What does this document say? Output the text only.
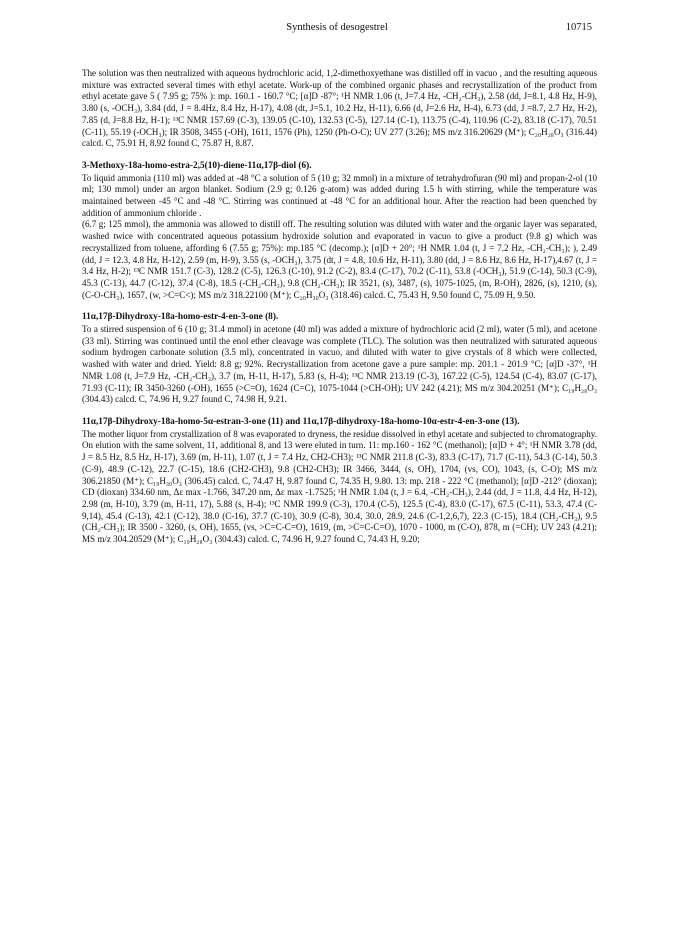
Synthesis of desogestrel	10715

The solution was then neutralized with aqueous hydrochloric acid, 1,2-dimethoxyethane was distilled off in vacuo , and the resulting aqueous mixture was extracted several times with ethyl acetate. Work-up of the combined organic phases and recrystallization of the product from ethyl acetate gave 5 ( 7.95 g; 75% ): mp. 160.1 - 160.7 °C; [α]D -87°; ¹H NMR 1.06 (t, J=7.4 Hz, -CH₂-CH₃), 2.58 (dd, J=8.1, 4.8 Hz, H-9), 3.80 (s, -OCH₃), 3.84 (dd, J = 8.4Hz, 8.4 Hz, H-17), 4.08 (dt, J=5.1, 10.2 Hz, H-11), 6.66 (d, J=2.6 Hz, H-4), 6.73 (dd, J =8.7, 2.7 Hz, H-2), 7.85 (d, J=8.8 Hz, H-1); ¹³C NMR 157.69 (C-3), 139.05 (C-10), 132.53 (C-5), 127.14 (C-1), 113.75 (C-4), 110.96 (C-2), 83.18 (C-17), 70.51 (C-11), 55.19 (-OCH₃); IR 3508, 3455 (-OH), 1611, 1576 (Ph), 1250 (Ph-O-C); UV 277 (3.26); MS m/z 316.20629 (M⁺); C₂₀H₂₈O₃ (316.44) calcd. C, 75.91 H, 8.92 found C, 75.87 H, 8.87.

3-Methoxy-18a-homo-estra-2,5(10)-diene-11α,17β-diol (6).

To liquid ammonia (110 ml) was added at -48 °C a solution of 5 (10 g; 32 mmol) in a mixture of tetrahydrofuran (90 ml) and propan-2-ol (10 ml; 130 mmol) under an argon blanket. Sodium (2.9 g; 0.126 g-atom) was added during 1.5 h with stirring, while the temperature was maintained between -45 °C and -48 °C. Stirring was continued at -48 °C for an additional hour. After the reaction had been quenched by addition of ammonium chloride .

(6.7 g; 125 mmol), the ammonia was allowed to distill off. The resulting solution was diluted with water and the organic layer was separated, washed twice with concentrated aqueous potassium hydroxide solution and evaporated in vacuo to give a product (9.8 g) which was recrystallized from toluene, affording 6 (7.55 g; 75%): mp.185 °C (decomp.); [α]D + 20°; ¹H NMR 1.04 (t, J = 7.2 Hz, -CH₂-CH₃); ), 2.49 (dd, J = 12.3, 4.8 Hz, H-12), 2.59 (m, H-9), 3.55 (s, -OCH₃), 3.75 (dt, J = 4.8, 10.6 Hz, H-11), 3.80 (dd, J = 8.6 Hz, 8.6 Hz, H-17),4.67 (t, J = 3.4 Hz, H-2); ¹³C NMR 151.7 (C-3), 128.2 (C-5), 126.3 (C-10), 91.2 (C-2), 83.4 (C-17), 70.2 (C-11), 53.8 (-OCH₃), 51.9 (C-14), 50.3 (C-9), 45.3 (C-13), 44.7 (C-12), 37.4 (C-8), 18.5 (-CH₂-CH₃), 9.8 (CH₂-CH₃); IR 3521, (s), 3487, (s), 1075-1025, (m, R-OH), 2826, (s), 1210, (s), (C-O-CH₃), 1657, (w, >C=C<); MS m/z 318.22100 (M⁺); C₂₀H₃₀O₃ (318.46) calcd. C, 75.43 H, 9.50 found C, 75.09 H, 9.50.

11α,17β-Dihydroxy-18a-homo-estr-4-en-3-one (8).

To a stirred suspension of 6 (10 g; 31.4 mmol) in acetone (40 ml) was added a mixture of hydrochloric acid (2 ml), water (5 ml), and acetone (33 ml). Stirring was continued until the enol ether cleavage was complete (TLC). The solution was then neutralized with saturated aqueous sodium hydrogen carbonate solution (3.5 ml), concentrated in vacuo, and diluted with water to give crystals of 8 which were collected, washed with water and dried. Yield: 8.8 g; 92%. Recrystallization from acetone gave a pure sample: mp. 201.1 - 201.9 °C; [α]D -37°, ¹H NMR 1.08 (t, J=7.9 Hz, -CH₂-CH₃), 3.7 (m, H-11, H-17), 5.83 (s, H-4); ¹³C NMR 213.19 (C-3), 167.22 (C-5), 124.54 (C-4), 83.07 (C-17), 71.93 (C-11); IR 3450-3260 (-OH), 1655 (>C=O), 1624 (C=C), 1075-1044 (>CH-OH); UV 242 (4.21); MS m/z 304.20251 (M⁺); C₁₉H₂₈O₃ (304.43) calcd. C, 74.96 H, 9.27 found C, 74.98 H, 9.21.

11α,17β-Dihydroxy-18a-homo-5α-estran-3-one (11) and 11α,17β-dihydroxy-18a-homo-10α-estr-4-en-3-one (13).

The mother liquor from crystallization of 8 was evaporated to dryness, the residue dissolved in ethyl acetate and subjected to chromatography. On elution with the same solvent, 11, additional 8, and 13 were eluted in turn. 11: mp.160 - 162 °C (methanol); [α]D + 4°; ¹H NMR 3.78 (dd, J = 8.5 Hz, 8.5 Hz, H-17), 3.69 (m, H-11), 1.07 (t, J = 7.4 Hz, CH2-CH3); ¹³C NMR 211.8 (C-3), 83.3 (C-17), 71.7 (C-11), 54.3 (C-14), 50.3 (C-9), 48.9 (C-12), 22.7 (C-15), 18.6 (CH2-CH3), 9.8 (CH2-CH3); IR 3466, 3444, (s, OH), 1704, (vs, CO), 1043, (s, C-O); MS m/z 306.21850 (M⁺); C₁₉H₃₀O₃ (306.45) calcd. C, 74.47 H, 9.87 found C, 74.35 H, 9.80. 13: mp. 218 - 222 °C (methanol); [α]D -212° (dioxan); CD (dioxan) 334.60 nm, Δε max -1.766, 347.20 nm, Δε max -1.7525; ¹H NMR 1.04 (t, J = 6.4, -CH₂-CH₃), 2.44 (dd, J = 11.8, 4.4 Hz, H-12), 2.98 (m, H-10), 3.79 (m, H-11, 17), 5.88 (s, H-4); ¹³C NMR 199.9 (C-3), 170.4 (C-5), 125.5 (C-4), 83.0 (C-17), 67.5 (C-11), 53.3, 47.4 (C-9,14), 45.4 (C-13), 42.1 (C-12), 38.0 (C-16), 37.7 (C-10), 30.9 (C-8), 30.4, 30.0, 28.9, 24.6 (C-1,2,6,7), 22.3 (C-15), 18.4 (CH₂-CH₃), 9.5 (CH₂-CH₃); IR 3500 - 3260, (s, OH), 1655, (vs, >C=C-C=O), 1619, (m, >C=C-C=O), 1070 - 1000, m (C-O), 878, m (=CH); UV 243 (4.21); MS m/z 304.20529 (M⁺); C₁₉H₂₈O₃ (304.43) calcd. C, 74.96 H, 9.27 found C, 74.43 H, 9.20;
